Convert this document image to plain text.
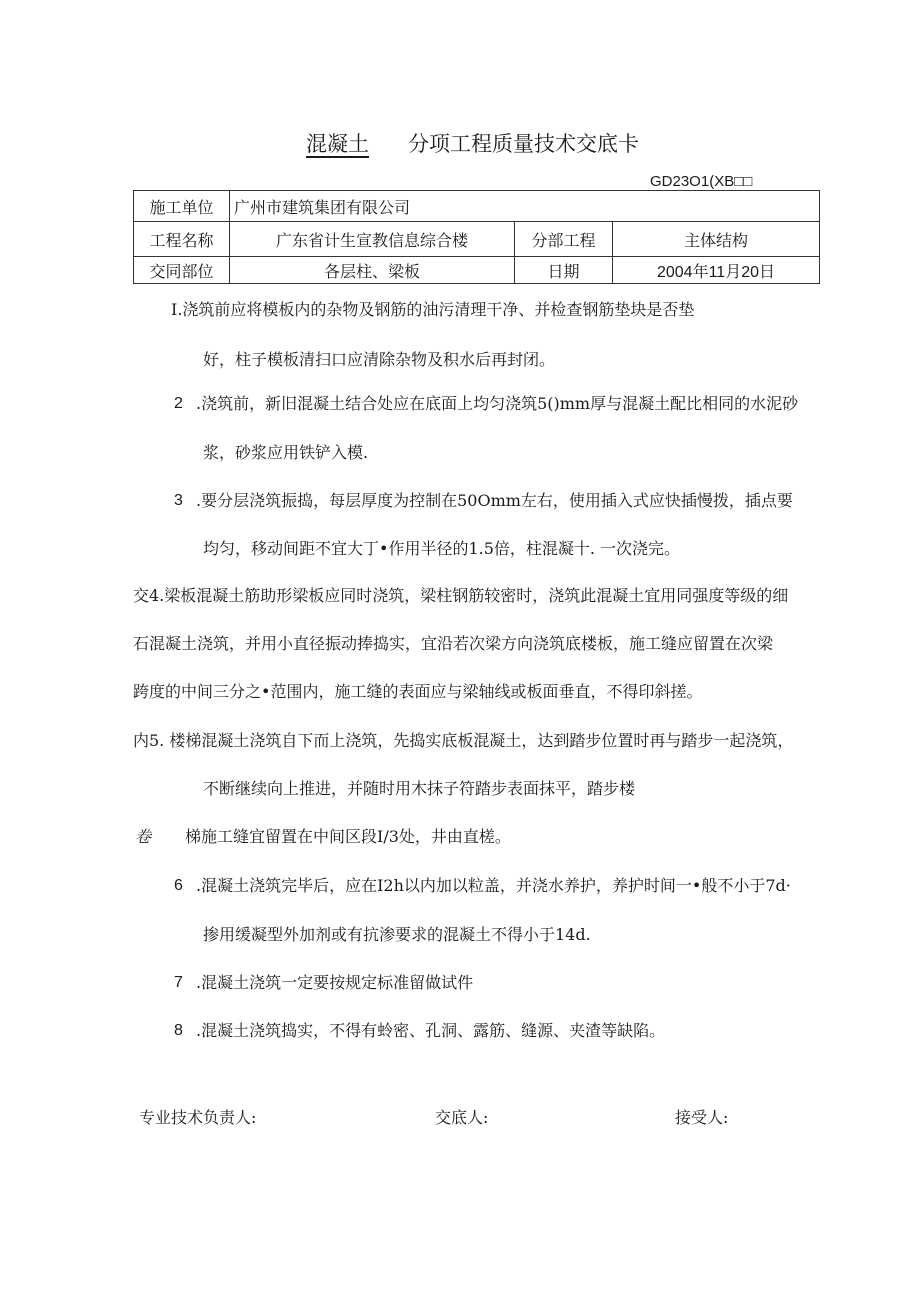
混凝土 分项工程质量技术交底卡
GD23O1(XB□□
施工单位	广州市建筑集团有限公司		
工程名称	广东省计生宣教信息综合楼	分部工程	主体结构
交同部位	各层柱、梁板	日期	2004年11月20日
I.浇筑前应将模板内的杂物及钢筋的油污清理干净、并检查钢筋垫块是否垫
好，柱子模板清扫口应清除杂物及积水后再封闭。
2 .浇筑前，新旧混凝土结合处应在底面上均匀浇筑5()mm厚与混凝土配比相同的水泥砂
浆，砂浆应用铁铲入模.
3 .要分层浇筑振捣，每层厚度为控制在50Omm左右，使用插入式应快插慢拨，插点要
均匀，移动间距不宜大丁•作用半径的1.5倍，柱混凝十. 一次浇完。
交4.梁板混凝土筋助形梁板应同时浇筑，梁柱钢筋较密时，浇筑此混凝土宜用同强度等级的细
石混凝土浇筑，并用小直径振动捧捣实，宜沿若次梁方向浇筑底楼板，施工缝应留置在次梁
跨度的中间三分之•范围内，施工缝的表面应与梁轴线或板面垂直，不得印斜搓。
内5. 楼梯混凝土浇筑自下而上浇筑，先捣实底板混凝土，达到踏步位置时再与踏步一起浇筑，
不断继续向上推进，并随时用木抹子符踏步表面抹平，踏步楼
卷 梯施工缝宜留置在中间区段I/3处，井由直槎。
6 .混凝土浇筑完毕后，应在I2h以内加以粒盖，并浇水养护，养护时间一•般不小于7d·
掺用缓凝型外加剂或有抗渗要求的混凝土不得小于14d.
7 .混凝土浇筑一定要按规定标准留做试件
8 .混凝土浇筑捣实，不得有蛉密、孔洞、露筋、缝源、夹渣等缺陷。
专业技术负责人:	交底人:	接受人:
